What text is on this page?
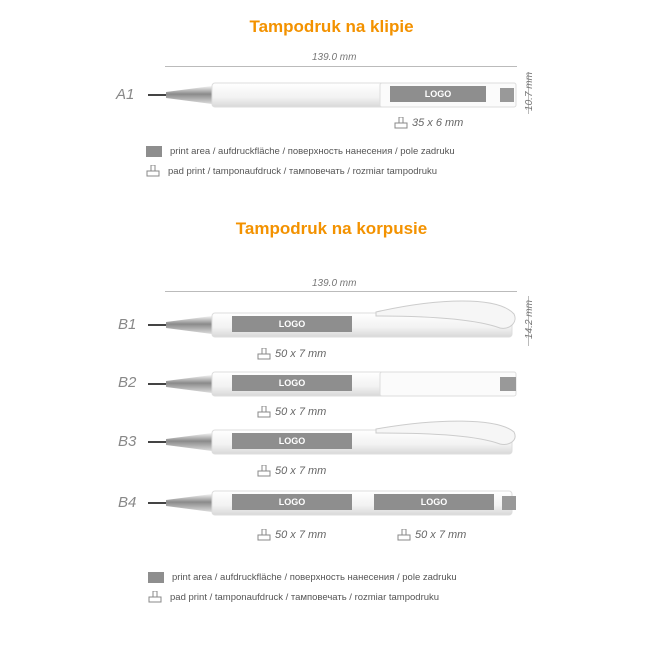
Tampodruk na klipie
139.0 mm
10.7 mm
A1	LOGO
35 x 6 mm
print area / aufdruckfläche / поверхность нанесения / pole zadruku
pad print / tamponaufdruck / тамповечать / rozmiar tampodruku
Tampodruk na korpusie
139.0 mm
14.2 mm
B1	LOGO
50 x 7 mm
B2	LOGO
50 x 7 mm
B3	LOGO
50 x 7 mm
B4	LOGO	LOGO
50 x 7 mm	50 x 7 mm
print area / aufdruckfläche / поверхность нанесения / pole zadruku
pad print / tamponaufdruck / тамповечать / rozmiar tampodruku
